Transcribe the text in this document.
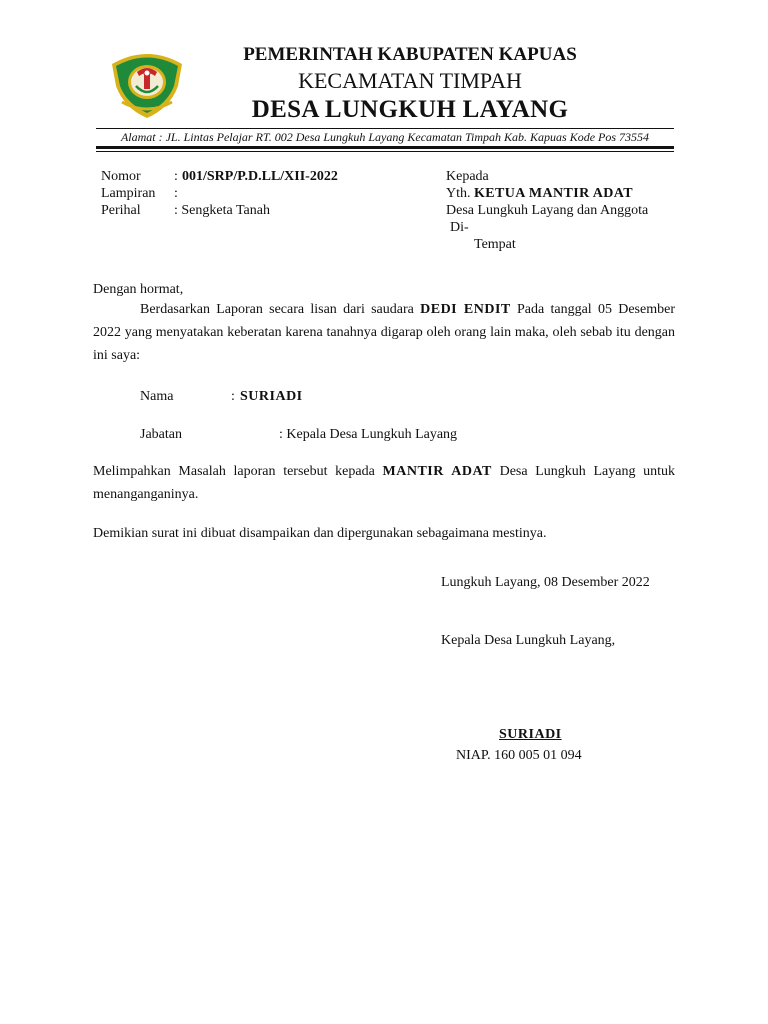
PEMERINTAH KABUPATEN KAPUAS
KECAMATAN TIMPAH
DESA LUNGKUH LAYANG
Alamat : JL. Lintas Pelajar RT. 002 Desa Lungkuh Layang Kecamatan Timpah Kab. Kapuas Kode Pos 73554
Nomor : 001/SRP/P.D.LL/XII-2022
Lampiran :
Perihal : Sengketa Tanah
Kepada
Yth. KETUA MANTIR ADAT
Desa Lungkuh Layang dan Anggota
Di-
Tempat
Dengan hormat,
Berdasarkan Laporan secara lisan dari saudara DEDI ENDIT Pada tanggal 05 Desember 2022 yang menyatakan keberatan karena tanahnya digarap oleh orang lain maka, oleh sebab itu dengan ini saya:
Nama	: SURIADI
Jabatan	: Kepala Desa Lungkuh Layang
Melimpahkan Masalah laporan tersebut kepada MANTIR ADAT Desa Lungkuh Layang untuk menanganganinya.
Demikian surat ini dibuat disampaikan dan dipergunakan sebagaimana mestinya.
Lungkuh Layang, 08 Desember 2022
Kepala Desa Lungkuh Layang,
SURIADI
NIAP. 160 005 01 094
